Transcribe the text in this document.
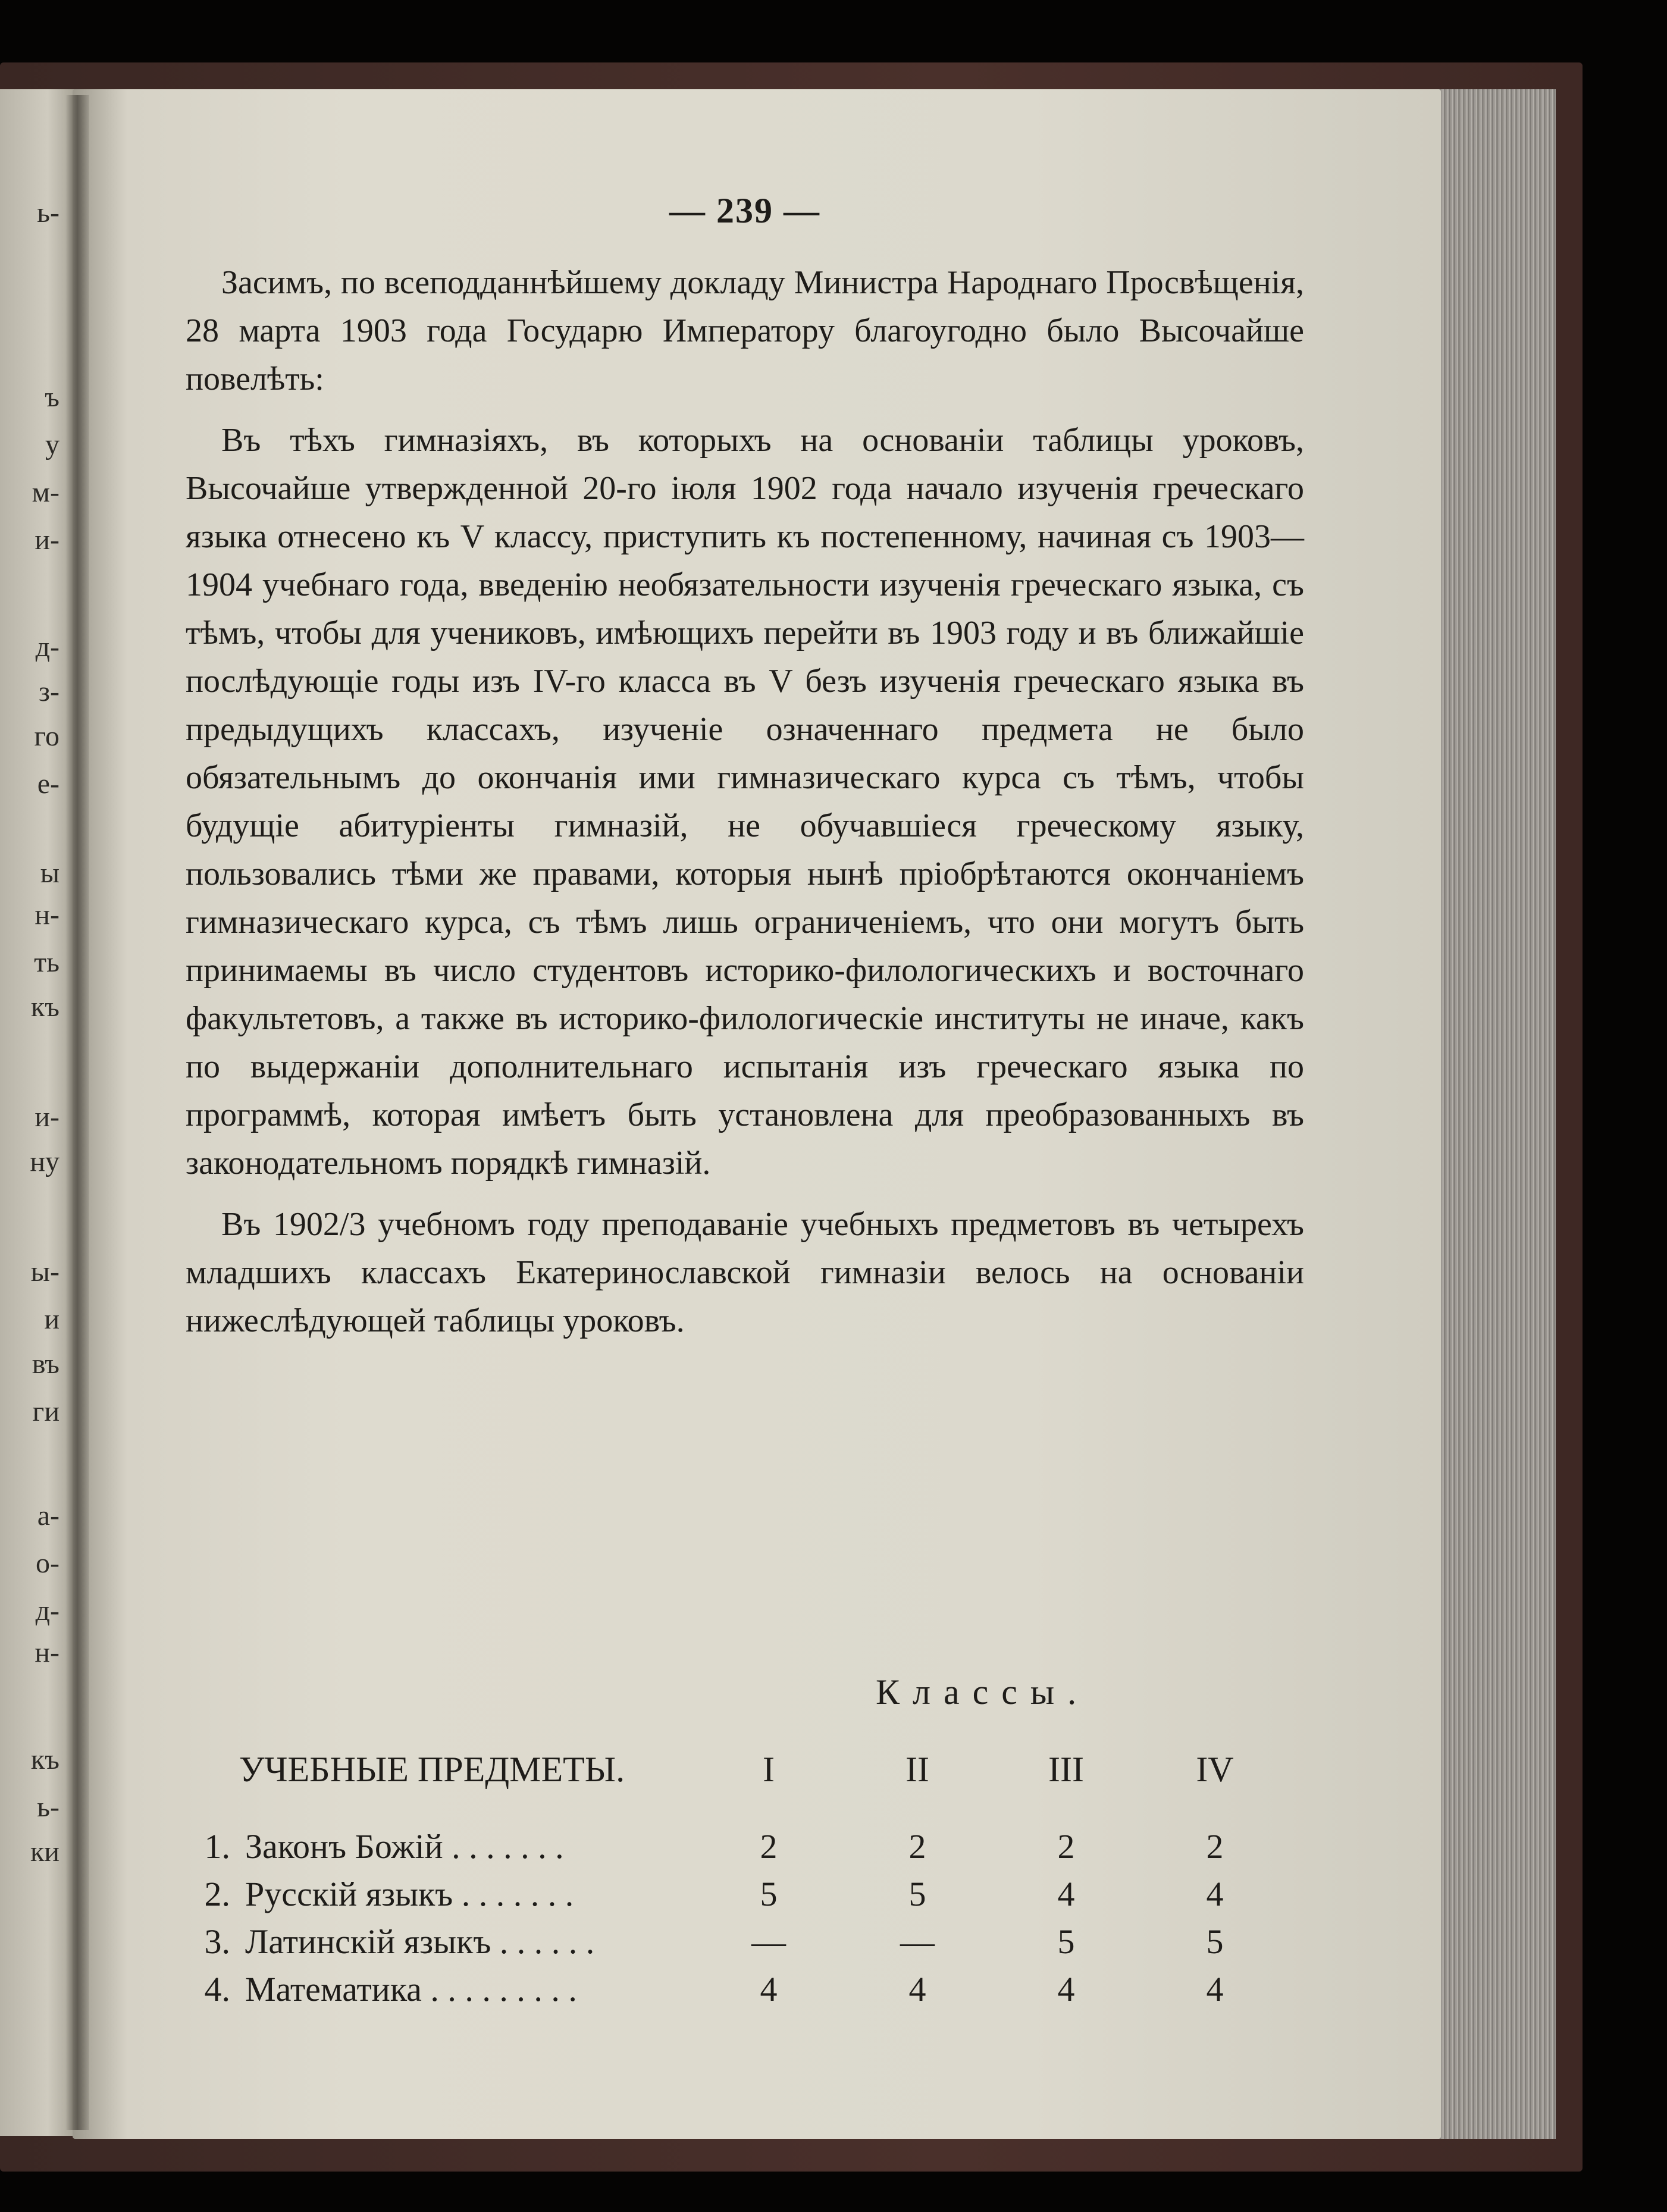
ь-
ъ
у
м-
и-
д-
з-
го
е-
ы
н-
ть
къ
и-
ну
ы-
и
въ
ги
а-
о-
д-
н-
къ
ь-
ки
— 239 —

Засимъ, по всеподданнѣйшему докладу Министра Народнаго Просвѣщенія, 28 марта 1903 года Государю Императору благоугодно было Высочайше повелѣть:

Въ тѣхъ гимназіяхъ, въ которыхъ на основаніи таблицы уроковъ, Высочайше утвержденной 20-го іюля 1902 года начало изученія греческаго языка отнесено къ V классу, приступить къ постепенному, начиная съ 1903—1904 учебнаго года, введенію необязательности изученія греческаго языка, съ тѣмъ, чтобы для учениковъ, имѣющихъ перейти въ 1903 году и въ ближайшіе послѣдующіе годы изъ IV-го класса въ V безъ изученія греческаго языка въ предыдущихъ классахъ, изученіе означеннаго предмета не было обязательнымъ до окончанія ими гимназическаго курса съ тѣмъ, чтобы будущіе абитуріенты гимназій, не обучавшіеся греческому языку, пользовались тѣми же правами, которыя нынѣ пріобрѣтаются окончаніемъ гимназическаго курса, съ тѣмъ лишь ограниченіемъ, что они могутъ быть принимаемы въ число студентовъ историко-филологическихъ и восточнаго факультетовъ, а также въ историко-филологическіе институты не иначе, какъ по выдержаніи дополнительнаго испытанія изъ греческаго языка по программѣ, которая имѣетъ быть установлена для преобразованныхъ въ законодательномъ порядкѣ гимназій.

Въ 1902/3 учебномъ году преподаваніе учебныхъ предметовъ въ четырехъ младшихъ классахъ Екатеринославской гимназіи велось на основаніи нижеслѣдующей таблицы уроковъ.

Классы.
УЧЕБНЫЕ ПРЕДМЕТЫ.	I	II	III	IV
1. Законъ Божій . . . . . . .	2	2	2	2
2. Русскій языкъ . . . . . . .	5	5	4	4
3. Латинскій языкъ . . . . . .	—	—	5	5
4. Математика . . . . . . . . .	4	4	4	4
